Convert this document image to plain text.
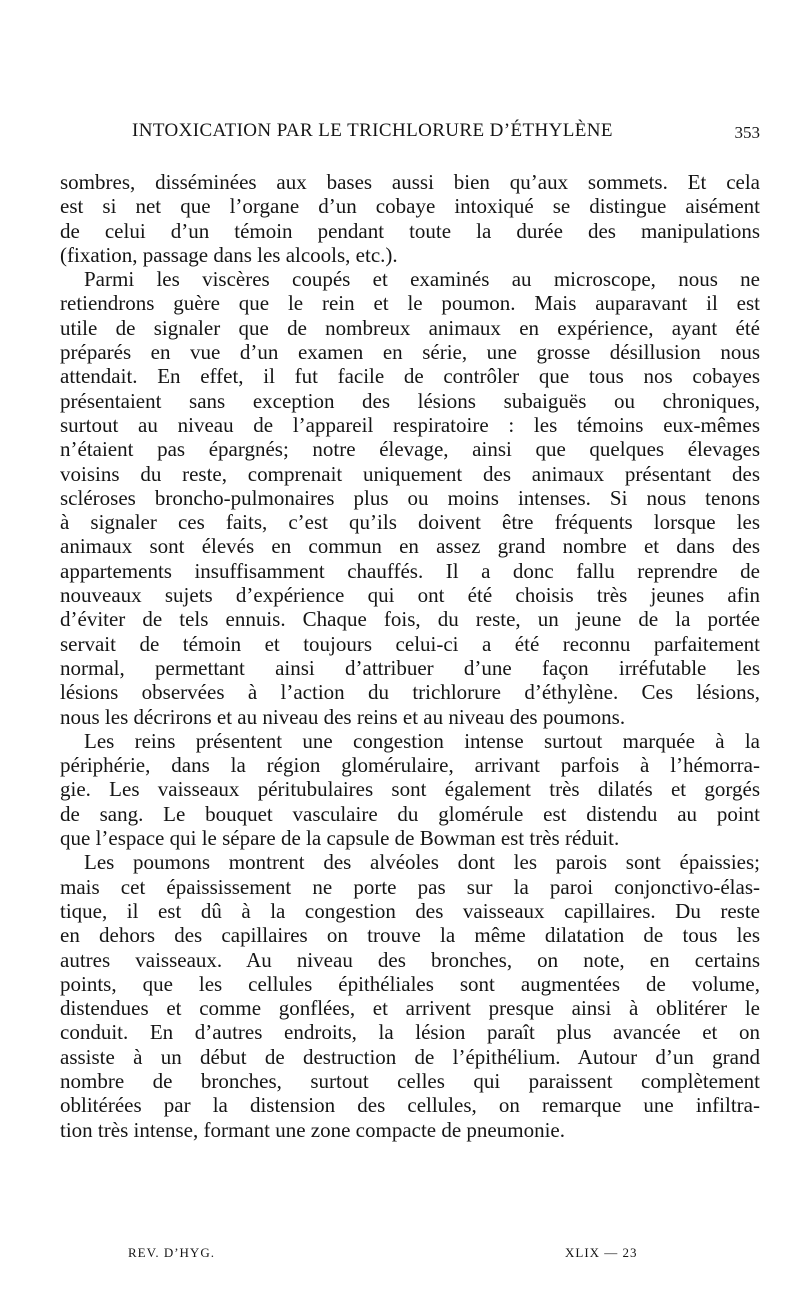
INTOXICATION PAR LE TRICHLORURE D’ÉTHYLÈNE	353
sombres, disséminées aux bases aussi bien qu’aux sommets. Et cela
est si net que l’organe d’un cobaye intoxiqué se distingue aisément
de celui d’un témoin pendant toute la durée des manipulations
(fixation, passage dans les alcools, etc.).
Parmi les viscères coupés et examinés au microscope, nous ne
retiendrons guère que le rein et le poumon. Mais auparavant il est
utile de signaler que de nombreux animaux en expérience, ayant été
préparés en vue d’un examen en série, une grosse désillusion nous
attendait. En effet, il fut facile de contrôler que tous nos cobayes
présentaient sans exception des lésions subaiguës ou chroniques,
surtout au niveau de l’appareil respiratoire : les témoins eux-mêmes
n’étaient pas épargnés; notre élevage, ainsi que quelques élevages
voisins du reste, comprenait uniquement des animaux présentant des
scléroses broncho-pulmonaires plus ou moins intenses. Si nous tenons
à signaler ces faits, c’est qu’ils doivent être fréquents lorsque les
animaux sont élevés en commun en assez grand nombre et dans des
appartements insuffisamment chauffés. Il a donc fallu reprendre de
nouveaux sujets d’expérience qui ont été choisis très jeunes afin
d’éviter de tels ennuis. Chaque fois, du reste, un jeune de la portée
servait de témoin et toujours celui-ci a été reconnu parfaitement
normal, permettant ainsi d’attribuer d’une façon irréfutable les
lésions observées à l’action du trichlorure d’éthylène. Ces lésions,
nous les décrirons et au niveau des reins et au niveau des poumons.
Les reins présentent une congestion intense surtout marquée à la
périphérie, dans la région glomérulaire, arrivant parfois à l’hémorra-
gie. Les vaisseaux péritubulaires sont également très dilatés et gorgés
de sang. Le bouquet vasculaire du glomérule est distendu au point
que l’espace qui le sépare de la capsule de Bowman est très réduit.
Les poumons montrent des alvéoles dont les parois sont épaissies;
mais cet épaississement ne porte pas sur la paroi conjonctivo-élas-
tique, il est dû à la congestion des vaisseaux capillaires. Du reste
en dehors des capillaires on trouve la même dilatation de tous les
autres vaisseaux. Au niveau des bronches, on note, en certains
points, que les cellules épithéliales sont augmentées de volume,
distendues et comme gonflées, et arrivent presque ainsi à oblitérer le
conduit. En d’autres endroits, la lésion paraît plus avancée et on
assiste à un début de destruction de l’épithélium. Autour d’un grand
nombre de bronches, surtout celles qui paraissent complètement
oblitérées par la distension des cellules, on remarque une infiltra-
tion très intense, formant une zone compacte de pneumonie.
REV. D’HYG.	XLIX — 23
